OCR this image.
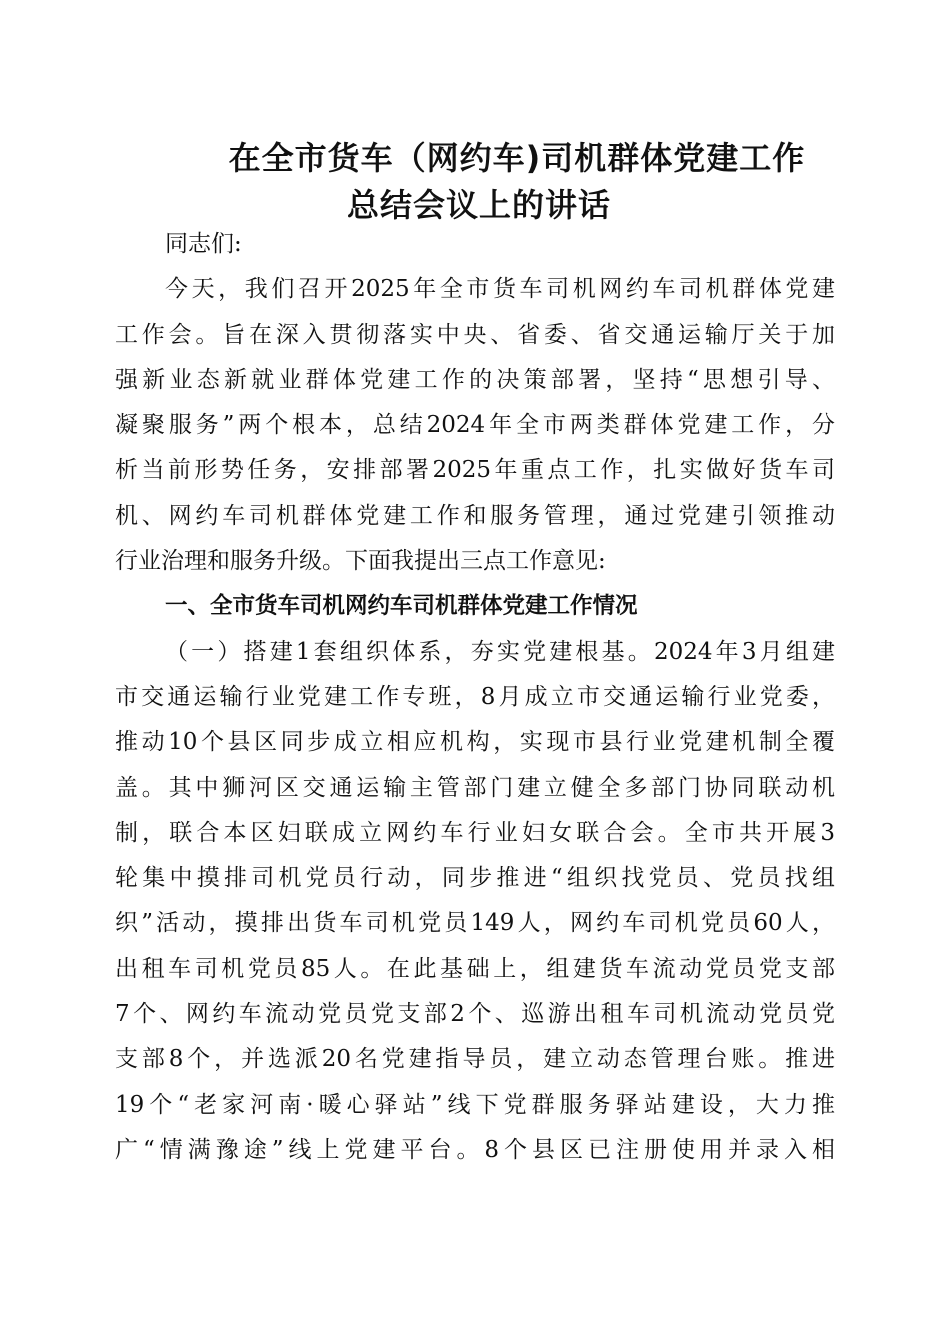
在全市货车（网约车)司机群体党建工作
总结会议上的讲话
同志们:
今天，我们召开2025年全市货车司机网约车司机群体党建
工作会。旨在深入贯彻落实中央、省委、省交通运输厅关于加
强新业态新就业群体党建工作的决策部署，坚持“思想引导、
凝聚服务”两个根本，总结2024年全市两类群体党建工作，分
析当前形势任务，安排部署2025年重点工作，扎实做好货车司
机、网约车司机群体党建工作和服务管理，通过党建引领推动
行业治理和服务升级。下面我提出三点工作意见:
一、全市货车司机网约车司机群体党建工作情况
（一）搭建1套组织体系，夯实党建根基。2024年3月组建
市交通运输行业党建工作专班，8月成立市交通运输行业党委，
推动10个县区同步成立相应机构，实现市县行业党建机制全覆
盖。其中狮河区交通运输主管部门建立健全多部门协同联动机
制，联合本区妇联成立网约车行业妇女联合会。全市共开展3
轮集中摸排司机党员行动，同步推进“组织找党员、党员找组
织”活动，摸排出货车司机党员149人，网约车司机党员60人，
出租车司机党员85人。在此基础上，组建货车流动党员党支部
7个、网约车流动党员党支部2个、巡游出租车司机流动党员党
支部8个，并选派20名党建指导员，建立动态管理台账。推进
19个“老家河南·暖心驿站”线下党群服务驿站建设，大力推
广“情满豫途”线上党建平台。8个县区已注册使用并录入相
